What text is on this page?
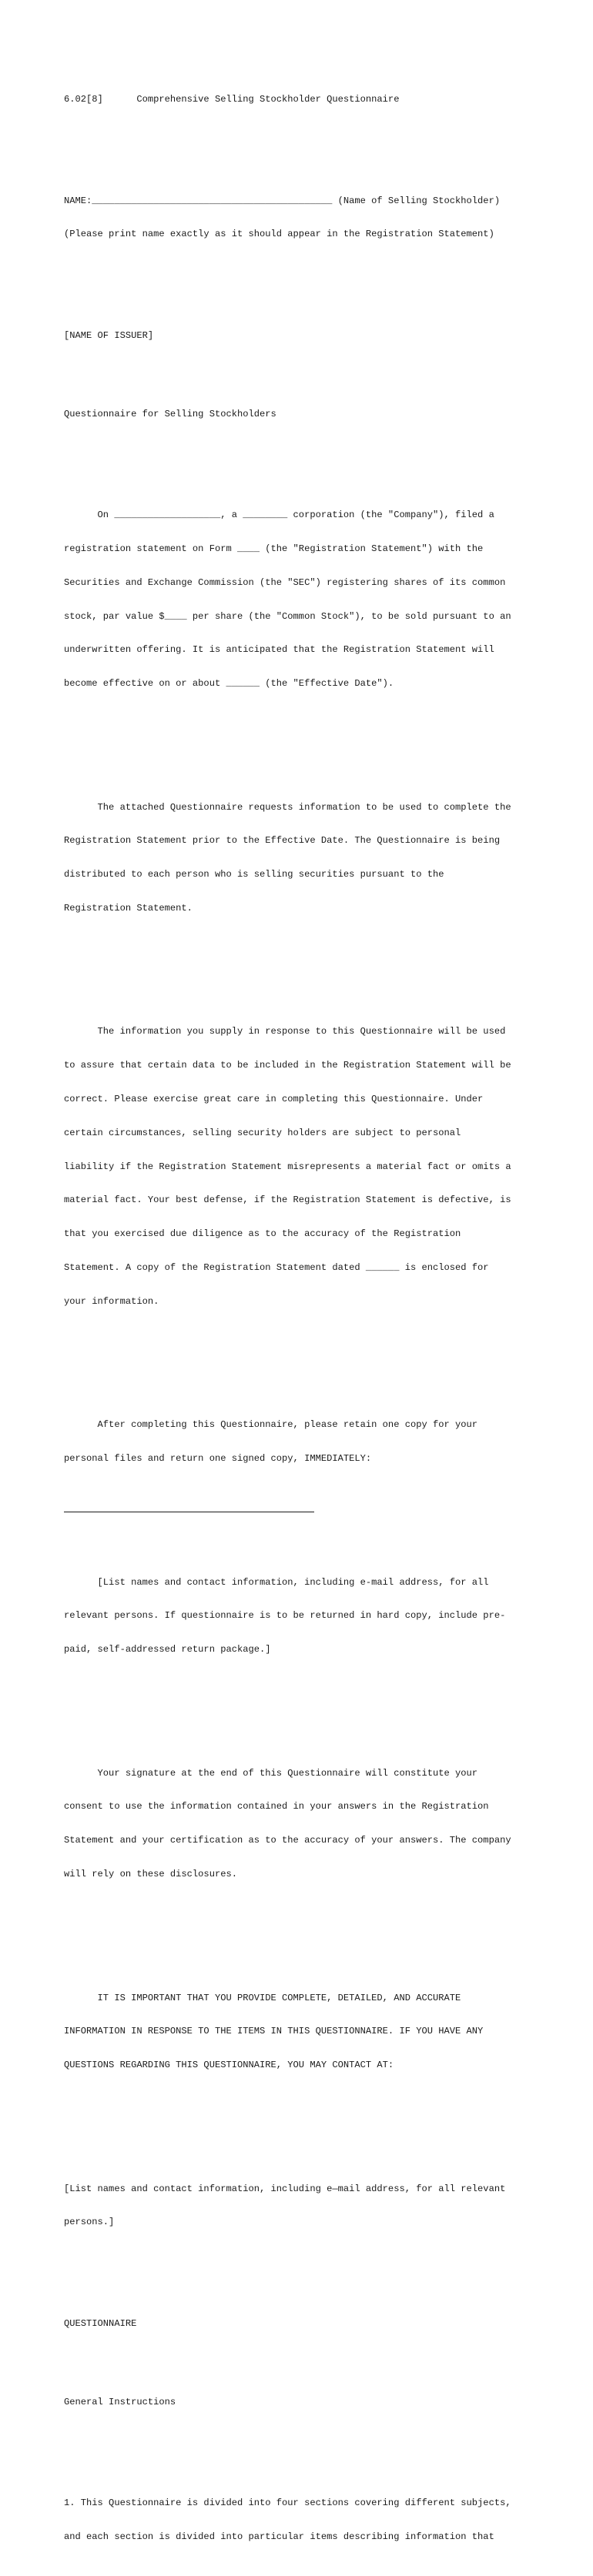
6.02[8]      Comprehensive Selling Stockholder Questionnaire

NAME:___________________________________________ (Name of Selling Stockholder)

(Please print name exactly as it should appear in the Registration Statement)

[NAME OF ISSUER]

Questionnaire for Selling Stockholders

On ___________________, a ________ corporation (the "Company"), filed a

registration statement on Form ____ (the "Registration Statement") with the

Securities and Exchange Commission (the "SEC") registering shares of its common

stock, par value $____ per share (the "Common Stock"), to be sold pursuant to an

underwritten offering. It is anticipated that the Registration Statement will

become effective on or about ______ (the "Effective Date").

The attached Questionnaire requests information to be used to complete the

Registration Statement prior to the Effective Date. The Questionnaire is being

distributed to each person who is selling securities pursuant to the

Registration Statement.

The information you supply in response to this Questionnaire will be used

to assure that certain data to be included in the Registration Statement will be

correct. Please exercise great care in completing this Questionnaire. Under

certain circumstances, selling security holders are subject to personal

liability if the Registration Statement misrepresents a material fact or omits a

material fact. Your best defense, if the Registration Statement is defective, is

that you exercised due diligence as to the accuracy of the Registration

Statement. A copy of the Registration Statement dated ______ is enclosed for

your information.

After completing this Questionnaire, please retain one copy for your

personal files and return one signed copy, IMMEDIATELY:

[List names and contact information, including e-mail address, for all

relevant persons. If questionnaire is to be returned in hard copy, include pre-

paid, self-addressed return package.]

Your signature at the end of this Questionnaire will constitute your

consent to use the information contained in your answers in the Registration

Statement and your certification as to the accuracy of your answers. The company

will rely on these disclosures.

IT IS IMPORTANT THAT YOU PROVIDE COMPLETE, DETAILED, AND ACCURATE

INFORMATION IN RESPONSE TO THE ITEMS IN THIS QUESTIONNAIRE. IF YOU HAVE ANY

QUESTIONS REGARDING THIS QUESTIONNAIRE, YOU MAY CONTACT AT:

[List names and contact information, including e—mail address, for all relevant

persons.]

QUESTIONNAIRE

General Instructions

1. This Questionnaire is divided into four sections covering different subjects,

and each section is divided into particular items describing information that
